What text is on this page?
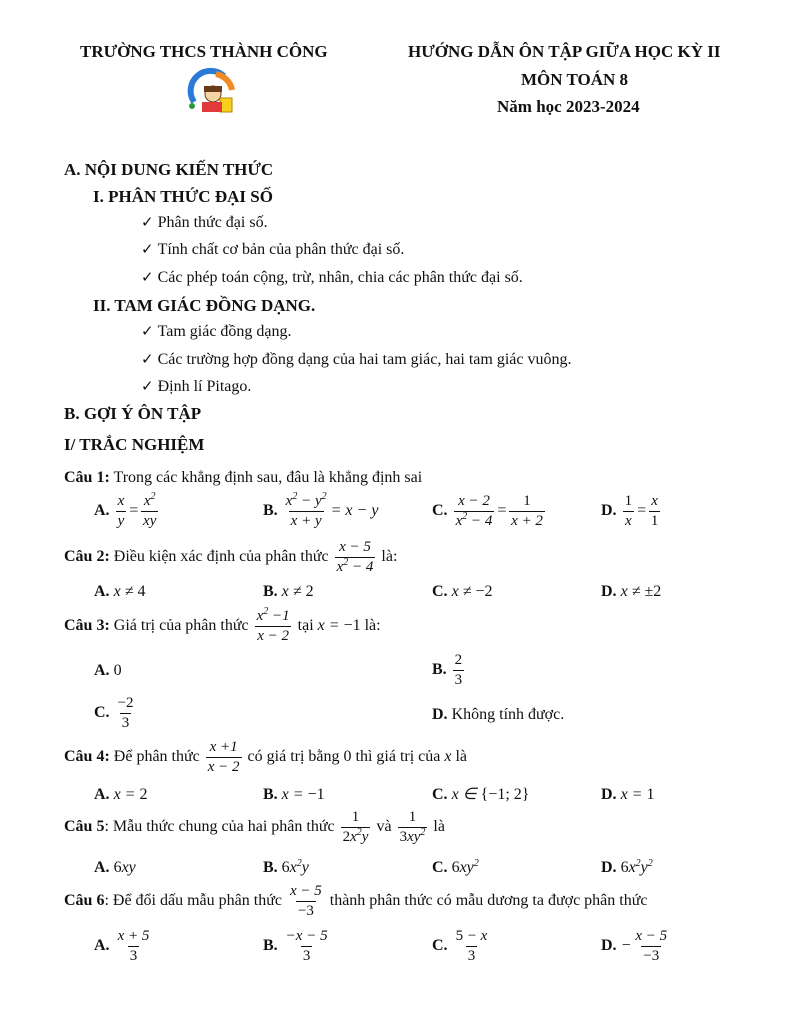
TRƯỜNG THCS THÀNH CÔNG	HƯỚNG DẪN ÔN TẬP GIỮA HỌC KỲ II
MÔN TOÁN 8
Năm học 2023-2024
A. NỘI DUNG KIẾN THỨC
I. PHÂN THỨC ĐẠI SỐ
✓ Phân thức đại số.
✓ Tính chất cơ bản của phân thức đại số.
✓ Các phép toán cộng, trừ, nhân, chia các phân thức đại số.
II. TAM GIÁC ĐỒNG DẠNG.
✓ Tam giác đồng dạng.
✓ Các trường hợp đồng dạng của hai tam giác, hai tam giác vuông.
✓ Định lí Pitago.
B. GỢI Ý ÔN TẬP
I/ TRẮC NGHIỆM
Câu 1: Trong các khẳng định sau, đâu là khẳng định sai
A. $\frac{x}{y} = \frac{x^2}{xy}$	B. $\frac{x^2 - y^2}{x + y} = x - y$	C. $\frac{x - 2}{x^2 - 4} = \frac{1}{x + 2}$	D. $\frac{1}{x} = \frac{x}{1}$
Câu 2: Điều kiện xác định của phân thức $\frac{x - 5}{x^2 - 4}$ là:
A. x ≠ 4	B. x ≠ 2	C. x ≠ −2	D. x ≠ ±2
Câu 3: Giá trị của phân thức $\frac{x^2 -1}{x - 2}$ tại x = −1 là:
A. 0	B. $\frac{2}{3}$
C. $\frac{-2}{3}$	D. Không tính được.
Câu 4: Để phân thức $\frac{x +1}{x - 2}$ có giá trị bằng 0 thì giá trị của x là
A. x = 2	B. x = −1	C. x ∈ {−1; 2}	D. x = 1
Câu 5: Mẫu thức chung của hai phân thức $\frac{1}{2x^2y}$ và $\frac{1}{3xy^2}$ là
A. 6xy	B. $6x^2y$	C. $6xy^2$	D. $6x^2y^2$
Câu 6: Để đổi dấu mẫu phân thức $\frac{x - 5}{-3}$ thành phân thức có mẫu dương ta được phân thức
A. $\frac{x + 5}{3}$	B. $\frac{-x - 5}{3}$	C. $\frac{5 - x}{3}$	D. − $\frac{x - 5}{-3}$
